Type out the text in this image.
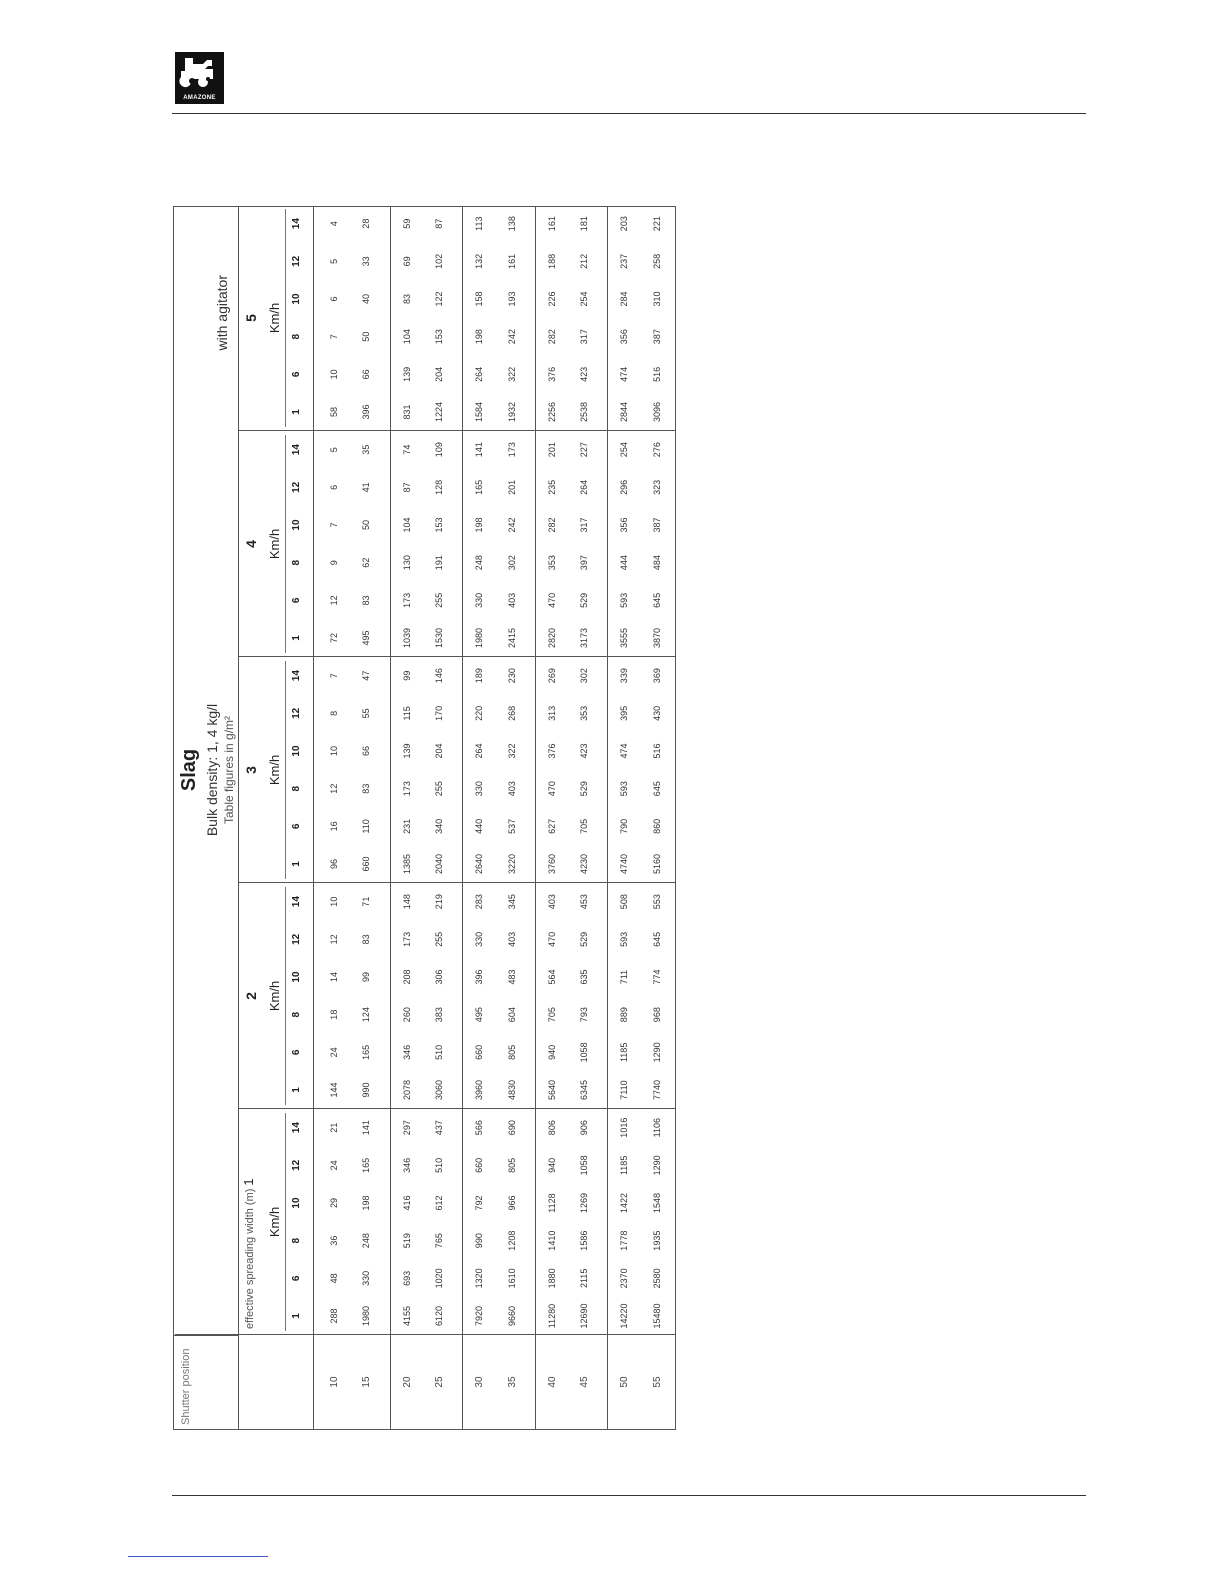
AMAZONE
Shutter position
Slag Bulk density: 1, 4 kg/l Table figures in g/m²
with agitator
effective spreading width (m)1
Km/h
1
6
8
10
12
14
2 Km/h
1
6
8
10
12
14
3 Km/h
1
6
8
10
12
14
4 Km/h
1
6
8
10
12
14
5 Km/h
1
6
8
10
12
14
10
288
48
36
29
24
21
144
24
18
14
12
10
96
16
12
10
8
7
72
12
9
7
6
5
58
10
7
6
5
4
15
1980
330
248
198
165
141
990
165
124
99
83
71
660
110
83
66
55
47
495
83
62
50
41
35
396
66
50
40
33
28
20
4155
693
519
416
346
297
2078
346
260
208
173
148
1385
231
173
139
115
99
1039
173
130
104
87
74
831
139
104
83
69
59
25
6120
1020
765
612
510
437
3060
510
383
306
255
219
2040
340
255
204
170
146
1530
255
191
153
128
109
1224
204
153
122
102
87
30
7920
1320
990
792
660
566
3960
660
495
396
330
283
2640
440
330
264
220
189
1980
330
248
198
165
141
1584
264
198
158
132
113
35
9660
1610
1208
966
805
690
4830
805
604
483
403
345
3220
537
403
322
268
230
2415
403
302
242
201
173
1932
322
242
193
161
138
40
11280
1880
1410
1128
940
806
5640
940
705
564
470
403
3760
627
470
376
313
269
2820
470
353
282
235
201
2256
376
282
226
188
161
45
12690
2115
1586
1269
1058
906
6345
1058
793
635
529
453
4230
705
529
423
353
302
3173
529
397
317
264
227
2538
423
317
254
212
181
50
14220
2370
1778
1422
1185
1016
7110
1185
889
711
593
508
4740
790
593
474
395
339
3555
593
444
356
296
254
2844
474
356
284
237
203
55
15480
2580
1935
1548
1290
1106
7740
1290
968
774
645
553
5160
860
645
516
430
369
3870
645
484
387
323
276
3096
516
387
310
258
221
